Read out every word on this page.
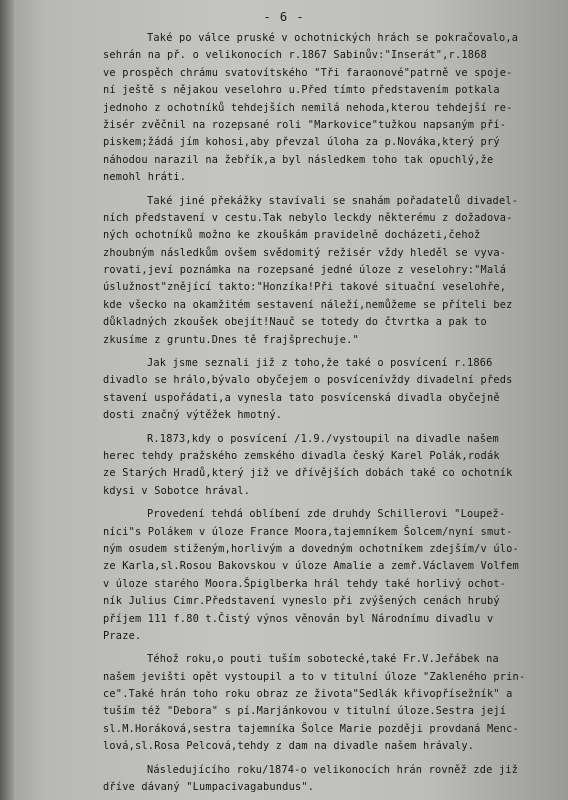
- 6 -
Také po válce pruské v ochotnických hrách se pokračovalo,a
sehrán na př. o velikonocích r.1867 Sabinův:"Inserát",r.1868
ve prospěch chrámu svatovítského "Tři faraonové"patrně ve spoje-
ní ještě s nějakou veselohro u.Před tímto představením potkala
jednoho z ochotníků tehdejších nemilá nehoda,kterou tehdejší re-
žisér zvěčnil na rozepsané roli "Markovice"tužkou napsaným pří-
piskem;žádá jím kohosi,aby převzal úloha za p.Nováka,který prý
náhodou narazil na žebřík,a byl následkem toho tak opuchlý,že
nemohl hráti.
Také jiné překážky stavívali se snahám pořadatelů divadel-
ních představení v cestu.Tak nebylo leckdy některému z dožadova-
ných ochotníků možno ke zkouškám pravidelně docházeti,čehož
zhoubným následkům ovšem svědomitý režisér vždy hleděl se vyva-
rovati,jeví poznámka na rozepsané jedné úloze z veselohry:"Malá
úslužnost"znějící takto:"Honzíka!Při takové situační veselohře,
kde všecko na okamžitém sestavení náleží,nemůžeme se příteli bez
důkladných zkoušek obejít!Nauč se totedy do čtvrtka a pak to
zkusíme z gruntu.Dnes tě frajšprechuje."
Jak jsme seznali již z toho,že také o posvícení r.1866
divadlo se hrálo,bývalo obyčejem o posvícenívždy divadelní předs
stavení uspořádati,a vynesla tato posvícenská divadla obyčejně
dosti značný výtěžek hmotný.
R.1873,kdy o posvícení /1.9./vystoupil na divadle našem
herec tehdy pražského zemského divadla český Karel Polák,rodák
ze Starých Hradů,který již ve dřívějších dobách také co ochotník
kdysi v Sobotce hrával.
Provedení tehdá oblíbení zde druhdy Schillerovi "Loupež-
níci"s Polákem v úloze France Moora,tajemníkem Šolcem/nyní smut-
ným osudem stiženým,horlivým a dovedným ochotníkem zdejším/v úlo-
ze Karla,sl.Rosou Bakovskou v úloze Amalie a zemř.Václavem Volfem
v úloze starého Moora.Špiglberka hrál tehdy také horlivý ochot-
ník Julius Cimr.Představení vyneslo při zvýšených cenách hrubý
příjem 111 f.80 t.Čistý výnos věnován byl Národnímu divadlu v
Praze.
Téhož roku,o pouti tuším sobotecké,také Fr.V.Jeřábek na
našem jevišti opět vystoupil a to v titulní úloze "Zakleného prin-
ce".Také hrán toho roku obraz ze života"Sedlák křivopřísežník" a
tuším též "Debora" s pí.Marjánkovou v titulní úloze.Sestra její
sl.M.Horáková,sestra tajemníka Šolce Marie později provdaná Menc-
lová,sl.Rosa Pelcová,tehdy z dam na divadle našem hrávaly.
Následujícího roku/1874-o velikonocích hrán rovněž zde již
dříve dávaný "Lumpacivagabundus".
